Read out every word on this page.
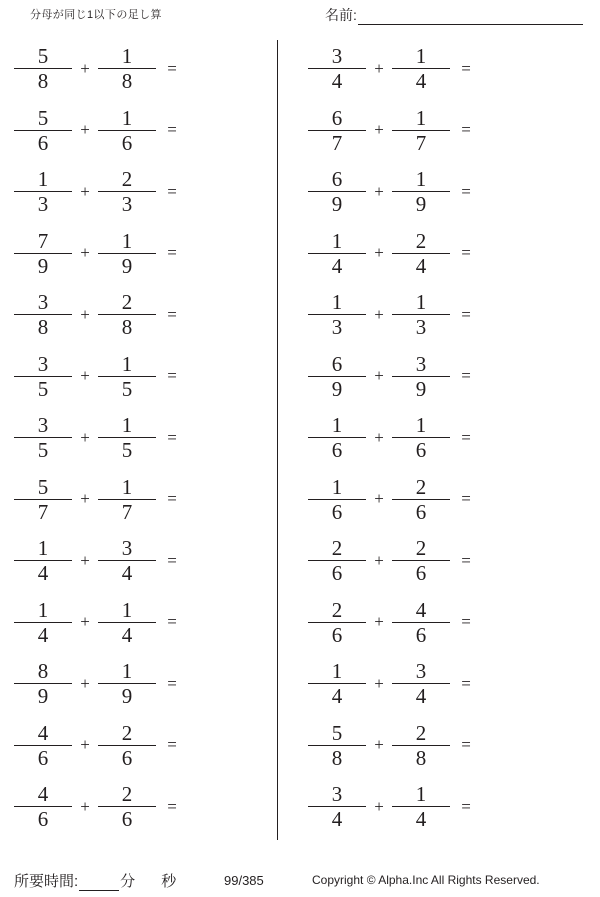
分母が同じ1以下の足し算	名前:
$\frac{5}{8} + \frac{1}{8}$ =
$\frac{5}{6} + \frac{1}{6}$ =
$\frac{1}{3} + \frac{2}{3}$ =
$\frac{7}{9} + \frac{1}{9}$ =
$\frac{3}{8} + \frac{2}{8}$ =
$\frac{3}{5} + \frac{1}{5}$ =
$\frac{3}{5} + \frac{1}{5}$ =
$\frac{5}{7} + \frac{1}{7}$ =
$\frac{1}{4} + \frac{3}{4}$ =
$\frac{1}{4} + \frac{1}{4}$ =
$\frac{8}{9} + \frac{1}{9}$ =
$\frac{4}{6} + \frac{2}{6}$ =
$\frac{4}{6} + \frac{2}{6}$ =
$\frac{3}{4} + \frac{1}{4}$ =
$\frac{6}{7} + \frac{1}{7}$ =
$\frac{6}{9} + \frac{1}{9}$ =
$\frac{1}{4} + \frac{2}{4}$ =
$\frac{1}{3} + \frac{1}{3}$ =
$\frac{6}{9} + \frac{3}{9}$ =
$\frac{1}{6} + \frac{1}{6}$ =
$\frac{1}{6} + \frac{2}{6}$ =
$\frac{2}{6} + \frac{2}{6}$ =
$\frac{2}{6} + \frac{4}{6}$ =
$\frac{1}{4} + \frac{3}{4}$ =
$\frac{5}{8} + \frac{2}{8}$ =
$\frac{3}{4} + \frac{1}{4}$ =
所要時間:	分 秒	99/385	Copyright © Alpha.Inc All Rights Reserved.
